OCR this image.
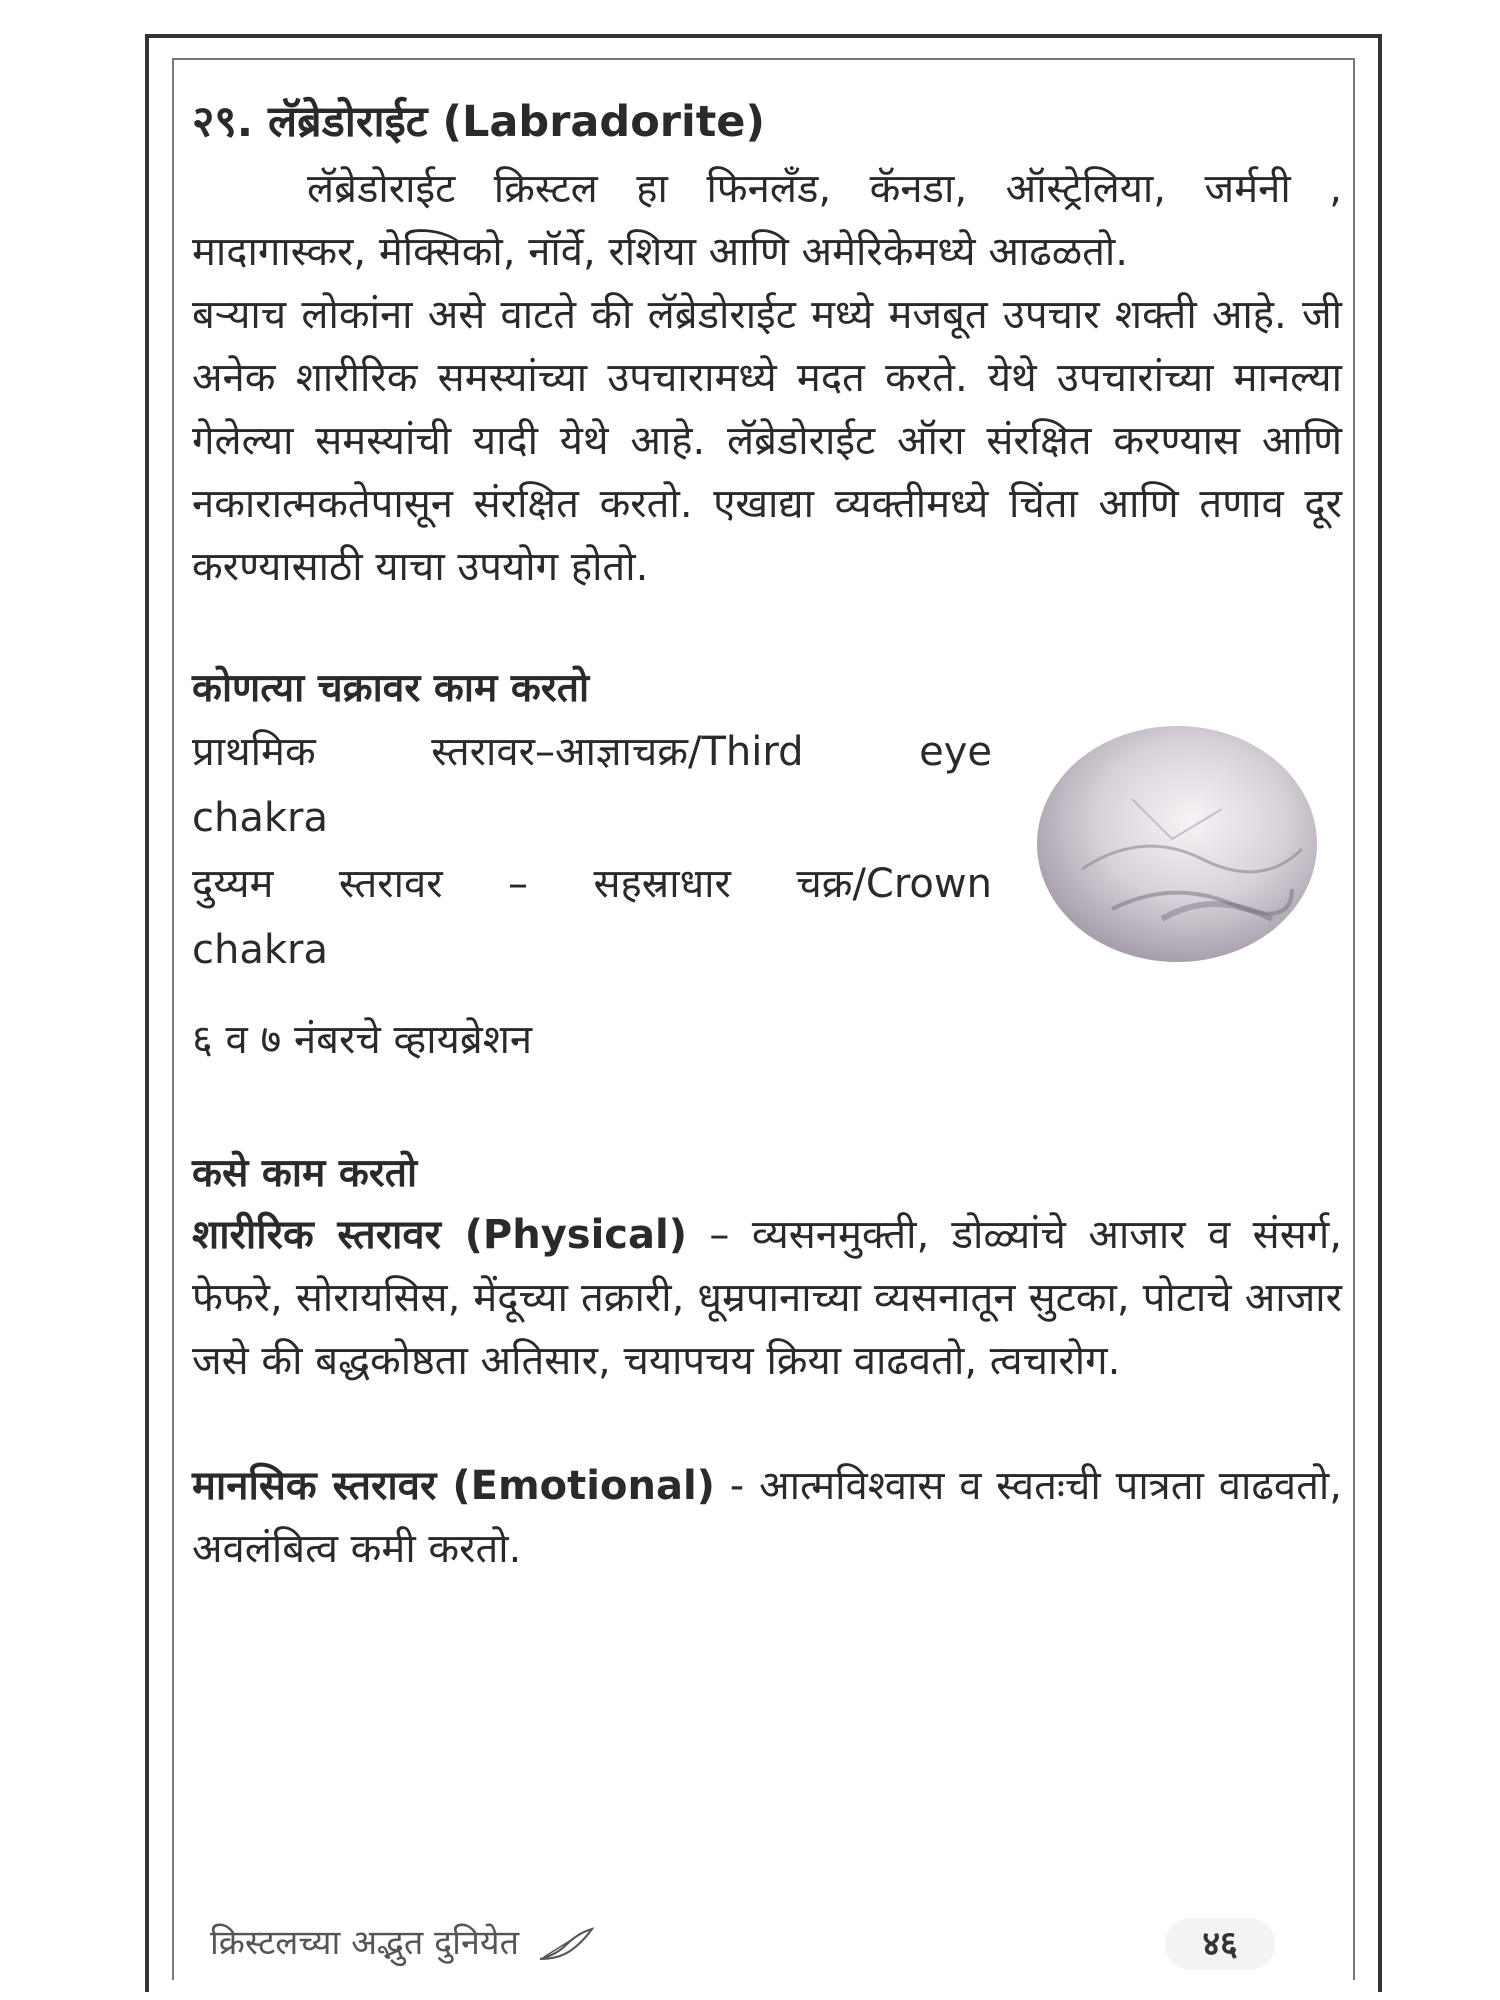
२९. लॅब्रेडोराईट (Labradorite)

लॅब्रेडोराईट क्रिस्टल हा फिनलँड, कॅनडा, ऑस्ट्रेलिया, जर्मनी , मादागास्कर, मेक्सिको, नॉर्वे, रशिया आणि अमेरिकेमध्ये आढळतो.

बऱ्याच लोकांना असे वाटते की लॅब्रेडोराईट मध्ये मजबूत उपचार शक्ती आहे. जी अनेक शारीरिक समस्यांच्या उपचारामध्ये मदत करते. येथे उपचारांच्या मानल्या गेलेल्या समस्यांची यादी येथे आहे. लॅब्रेडोराईट ऑरा संरक्षित करण्यास आणि नकारात्मकतेपासून संरक्षित करतो. एखाद्या व्यक्तीमध्ये चिंता आणि तणाव दूर करण्यासाठी याचा उपयोग होतो.

कोणत्या चक्रावर काम करतो
प्राथमिक	स्तरावर–आज्ञाचक्र/Third	eye
chakra
दुय्यम स्तरावर – सहस्राधार चक्र/Crown
chakra

६ व ७ नंबरचे व्हायब्रेशन

कसे काम करतो

शारीरिक स्तरावर (Physical) – व्यसनमुक्ती, डोळ्यांचे आजार व संसर्ग, फेफरे, सोरायसिस, मेंदूच्या तक्रारी, धूम्रपानाच्या व्यसनातून सुटका, पोटाचे आजार जसे की बद्धकोष्ठता अतिसार, चयापचय क्रिया वाढवतो, त्वचारोग.

मानसिक स्तरावर (Emotional) - आत्मविश्वास व स्वतःची पात्रता वाढवतो, अवलंबित्व कमी करतो.

क्रिस्टलच्या अद्भुत दुनियेत	४६
